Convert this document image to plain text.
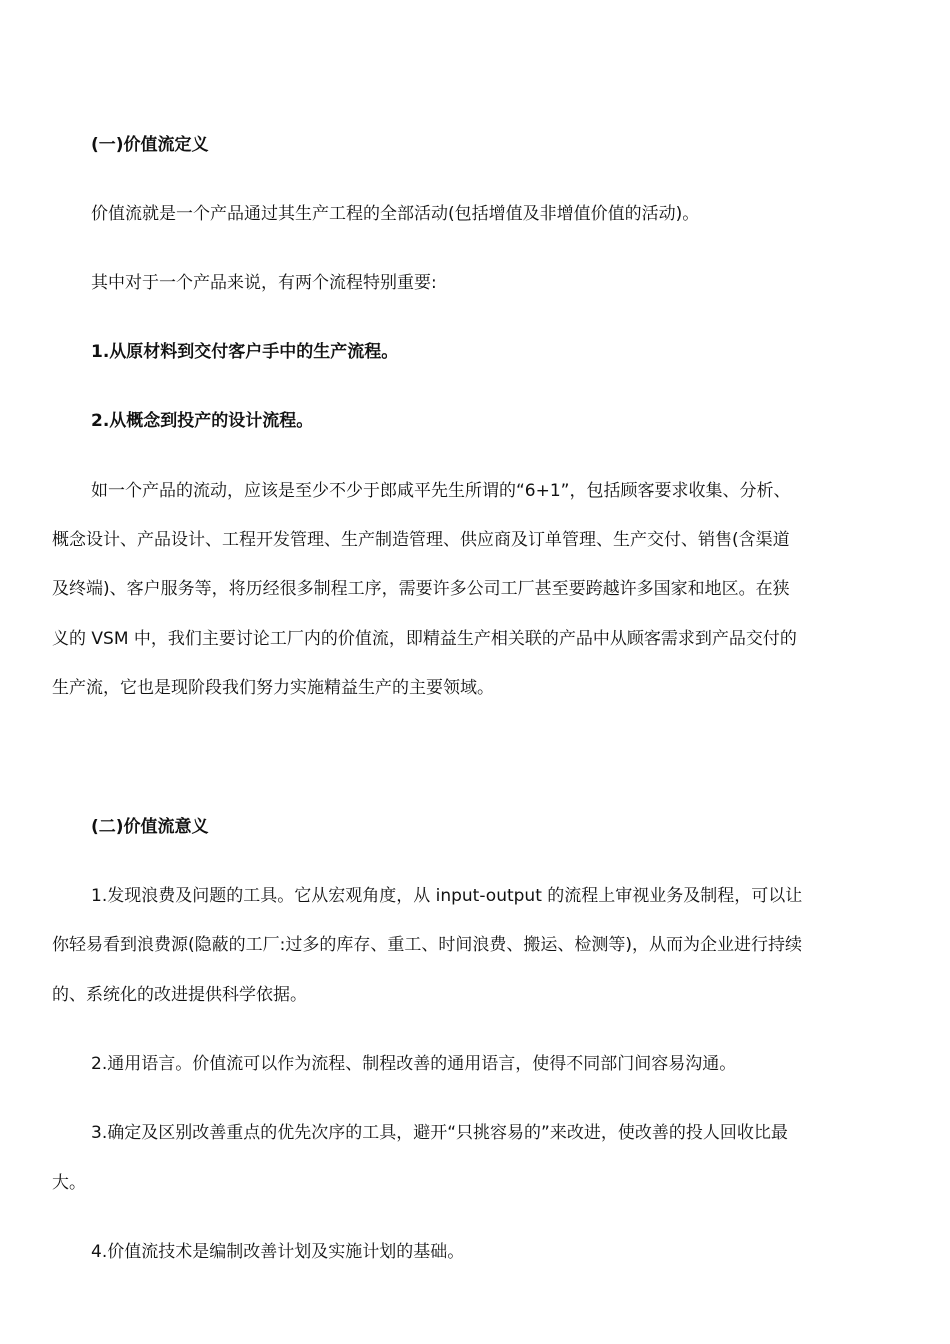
(一)价值流定义
价值流就是一个产品通过其生产工程的全部活动(包括增值及非增值价值的活动)。
其中对于一个产品来说，有两个流程特别重要:
1.从原材料到交付客户手中的生产流程。
2.从概念到投产的设计流程。
如一个产品的流动，应该是至少不少于郎咸平先生所谓的“6+1”，包括顾客要求收集、分析、
概念设计、产品设计、工程开发管理、生产制造管理、供应商及订单管理、生产交付、销售(含渠道
及终端)、客户服务等，将历经很多制程工序，需要许多公司工厂甚至要跨越许多国家和地区。在狭
义的 VSM 中，我们主要讨论工厂内的价值流，即精益生产相关联的产品中从顾客需求到产品交付的
生产流，它也是现阶段我们努力实施精益生产的主要领域。
(二)价值流意义
1.发现浪费及问题的工具。它从宏观角度，从 input-output 的流程上审视业务及制程，可以让
你轻易看到浪费源(隐蔽的工厂:过多的库存、重工、时间浪费、搬运、检测等)，从而为企业进行持续
的、系统化的改进提供科学依据。
2.通用语言。价值流可以作为流程、制程改善的通用语言，使得不同部门间容易沟通。
3.确定及区别改善重点的优先次序的工具，避开“只挑容易的”来改进，使改善的投人回收比最
大。
4.价值流技术是编制改善计划及实施计划的基础。
